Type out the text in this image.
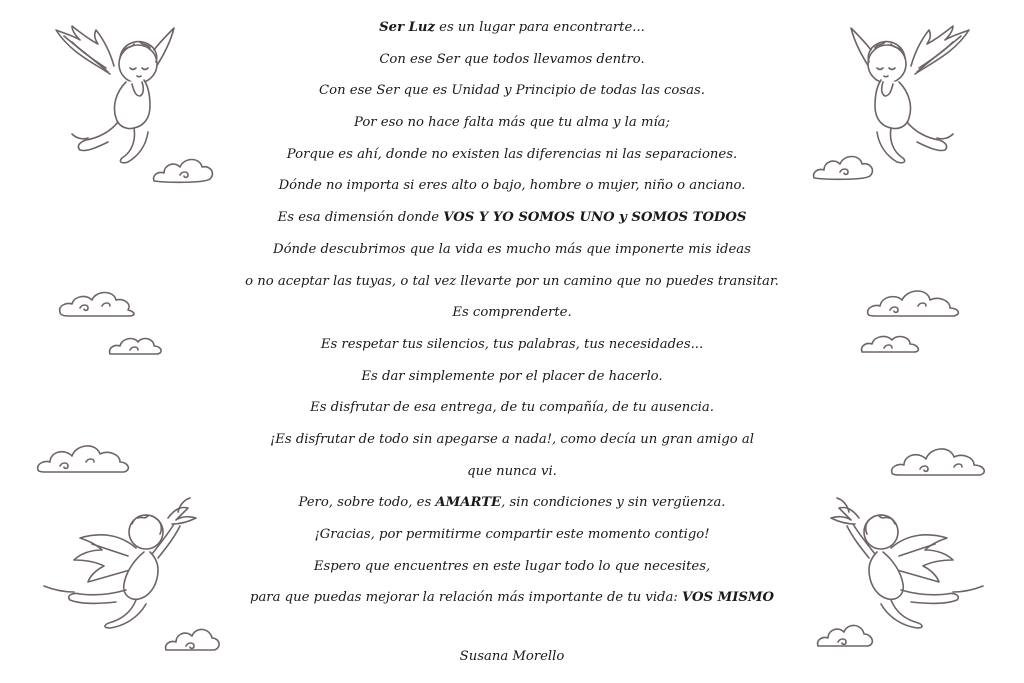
Ser Luz es un lugar para encontrarte...
Con ese Ser que todos llevamos dentro.
Con ese Ser que es Unidad y Principio de todas las cosas.
Por eso no hace falta más que tu alma y la mía;
Porque es ahí, donde no existen las diferencias ni las separaciones.
Dónde no importa si eres alto o bajo, hombre o mujer, niño o anciano.
Es esa dimensión donde VOS Y YO SOMOS UNO y SOMOS TODOS
Dónde descubrimos que la vida es mucho más que imponerte mis ideas
o no aceptar las tuyas, o tal vez llevarte por un camino que no puedes transitar.
Es comprenderte.
Es respetar tus silencios, tus palabras, tus necesidades...
Es dar simplemente por el placer de hacerlo.
Es disfrutar de esa entrega, de tu compañía, de tu ausencia.
¡Es disfrutar de todo sin apegarse a nada!, como decía un gran amigo al
que nunca vi.
Pero, sobre todo, es AMARTE, sin condiciones y sin vergüenza.
¡Gracias, por permitirme compartir este momento contigo!
Espero que encuentres en este lugar todo lo que necesites,
para que puedas mejorar la relación más importante de tu vida: VOS MISMO
Susana Morello
